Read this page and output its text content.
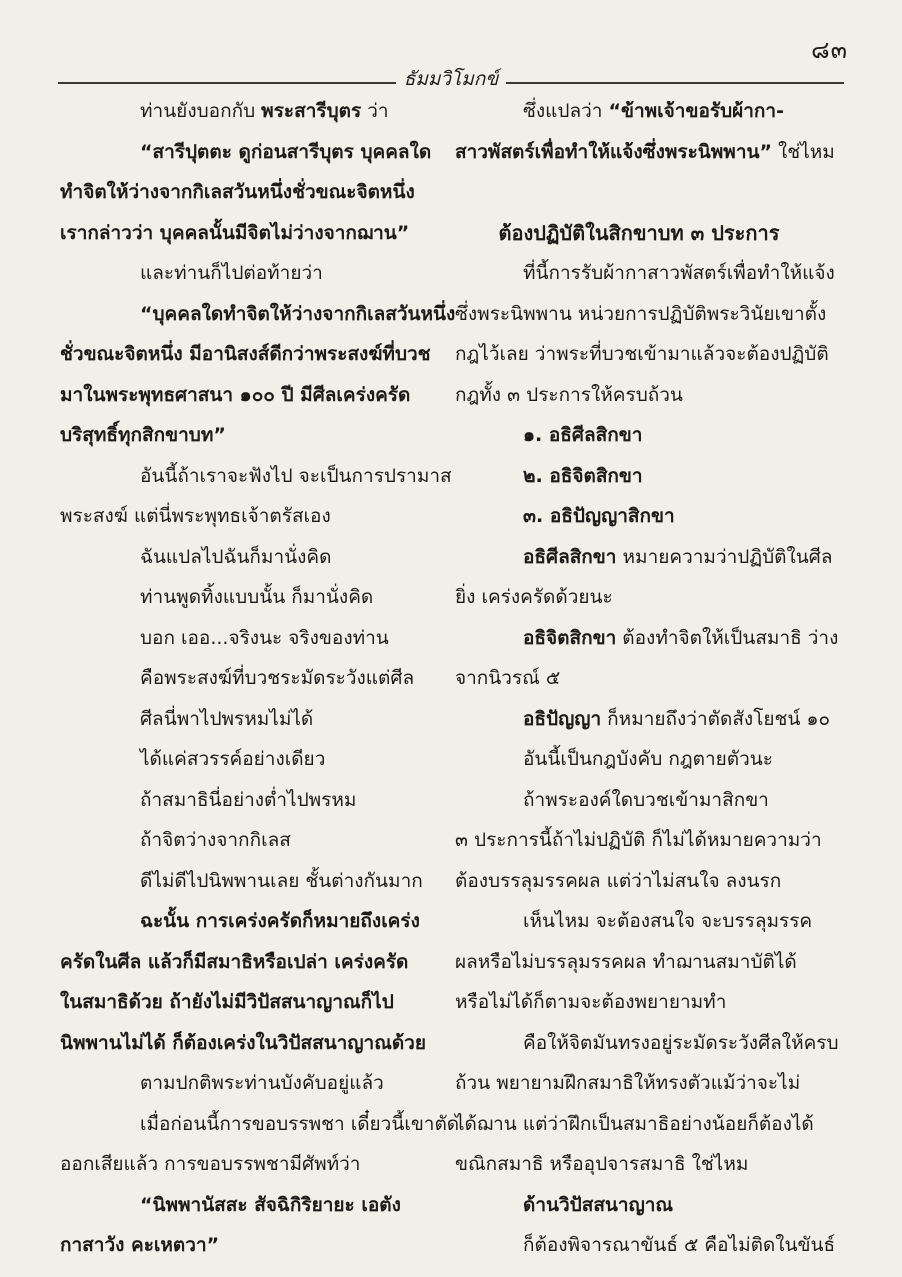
๘๓
ธัมมวิโมกข์
ท่านยังบอกกับ พระสารีบุตร ว่า
“สารีปุตตะ ดูก่อนสารีบุตร บุคคลใด
ทำจิตให้ว่างจากกิเลสวันหนึ่งชั่วขณะจิตหนึ่ง
เรากล่าวว่า บุคคลนั้นมีจิตไม่ว่างจากฌาน”
และท่านก็ไปต่อท้ายว่า
“บุคคลใดทำจิตให้ว่างจากกิเลสวันหนึ่ง
ชั่วขณะจิตหนึ่ง มีอานิสงส์ดีกว่าพระสงฆ์ที่บวช
มาในพระพุทธศาสนา ๑๐๐ ปี มีศีลเคร่งครัด
บริสุทธิ์ทุกสิกขาบท”
อันนี้ถ้าเราจะฟังไป จะเป็นการปรามาส
พระสงฆ์ แต่นี่พระพุทธเจ้าตรัสเอง
ฉันแปลไปฉันก็มานั่งคิด
ท่านพูดทิ้งแบบนั้น ก็มานั่งคิด
บอก เออ...จริงนะ จริงของท่าน
คือพระสงฆ์ที่บวชระมัดระวังแต่ศีล
ศีลนี่พาไปพรหมไม่ได้
ได้แค่สวรรค์อย่างเดียว
ถ้าสมาธินี่อย่างต่ำไปพรหม
ถ้าจิตว่างจากกิเลส
ดีไม่ดีไปนิพพานเลย ชั้นต่างกันมาก
ฉะนั้น การเคร่งครัดก็หมายถึงเคร่ง
ครัดในศีล แล้วก็มีสมาธิหรือเปล่า เคร่งครัด
ในสมาธิด้วย ถ้ายังไม่มีวิปัสสนาญาณก็ไป
นิพพานไม่ได้ ก็ต้องเคร่งในวิปัสสนาญาณด้วย
ตามปกติพระท่านบังคับอยู่แล้ว
เมื่อก่อนนี้การขอบรรพชา เดี๋ยวนี้เขาตัด
ออกเสียแล้ว การขอบรรพชามีศัพท์ว่า
“นิพพานัสสะ สัจฉิกิริยายะ เอตัง
กาสาวัง คะเหตวา”
ซึ่งแปลว่า “ข้าพเจ้าขอรับผ้ากา-
สาวพัสตร์เพื่อทำให้แจ้งซึ่งพระนิพพาน” ใช่ไหม
ต้องปฏิบัติในสิกขาบท ๓ ประการ
ที่นี้การรับผ้ากาสาวพัสตร์เพื่อทำให้แจ้ง
ซึ่งพระนิพพาน หน่วยการปฏิบัติพระวินัยเขาตั้ง
กฎไว้เลย ว่าพระที่บวชเข้ามาแล้วจะต้องปฏิบัติ
กฎทั้ง ๓ ประการให้ครบถ้วน
๑. อธิศีลสิกขา
๒. อธิจิตสิกขา
๓. อธิปัญญาสิกขา
อธิศีลสิกขา หมายความว่าปฏิบัติในศีล
ยิ่ง เคร่งครัดด้วยนะ
อธิจิตสิกขา ต้องทำจิตให้เป็นสมาธิ ว่าง
จากนิวรณ์ ๕
อธิปัญญา ก็หมายถึงว่าตัดสังโยชน์ ๑๐
อันนี้เป็นกฎบังคับ กฎตายตัวนะ
ถ้าพระองค์ใดบวชเข้ามาสิกขา
๓ ประการนี้ถ้าไม่ปฏิบัติ ก็ไม่ได้หมายความว่า
ต้องบรรลุมรรคผล แต่ว่าไม่สนใจ ลงนรก
เห็นไหม จะต้องสนใจ จะบรรลุมรรค
ผลหรือไม่บรรลุมรรคผล ทำฌานสมาบัติได้
หรือไม่ได้ก็ตามจะต้องพยายามทำ
คือให้จิตมันทรงอยู่ระมัดระวังศีลให้ครบ
ถ้วน พยายามฝึกสมาธิให้ทรงตัวแม้ว่าจะไม่
ได้ฌาน แต่ว่าฝึกเป็นสมาธิอย่างน้อยก็ต้องได้
ขณิกสมาธิ หรืออุปจารสมาธิ ใช่ไหม
ด้านวิปัสสนาญาณ
ก็ต้องพิจารณาขันธ์ ๕ คือไม่ติดในขันธ์
